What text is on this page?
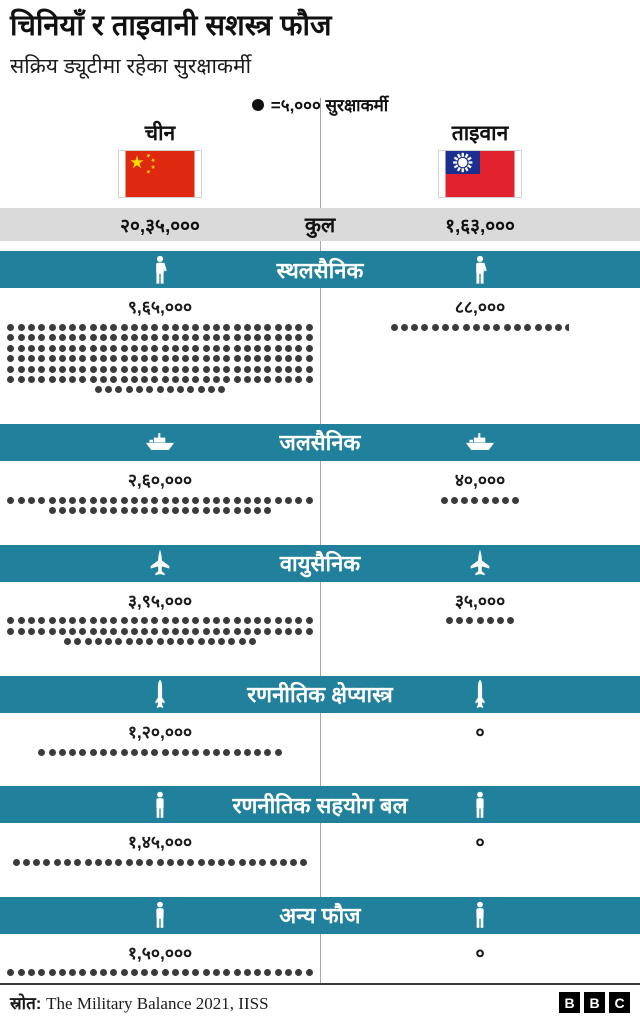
चिनियाँ र ताइवानी सशस्त्र फौज
सक्रिय ड्यूटीमा रहेका सुरक्षाकर्मी
=५,००० सुरक्षाकर्मी
चीन	ताइवान
कुल
२०,३५,०००	१,६३,०००
स्थलसैनिक
९,६५,०००	८८,०००
जलसैनिक
२,६०,०००	४०,०००
वायुसैनिक
३,९५,०००	३५,०००
रणनीतिक क्षेप्यास्त्र
१,२०,०००	०
रणनीतिक सहयोग बल
१,४५,०००	०
अन्य फौज
१,५०,०००	०
स्रोत: The Military Balance 2021, IISS	B	B	C
